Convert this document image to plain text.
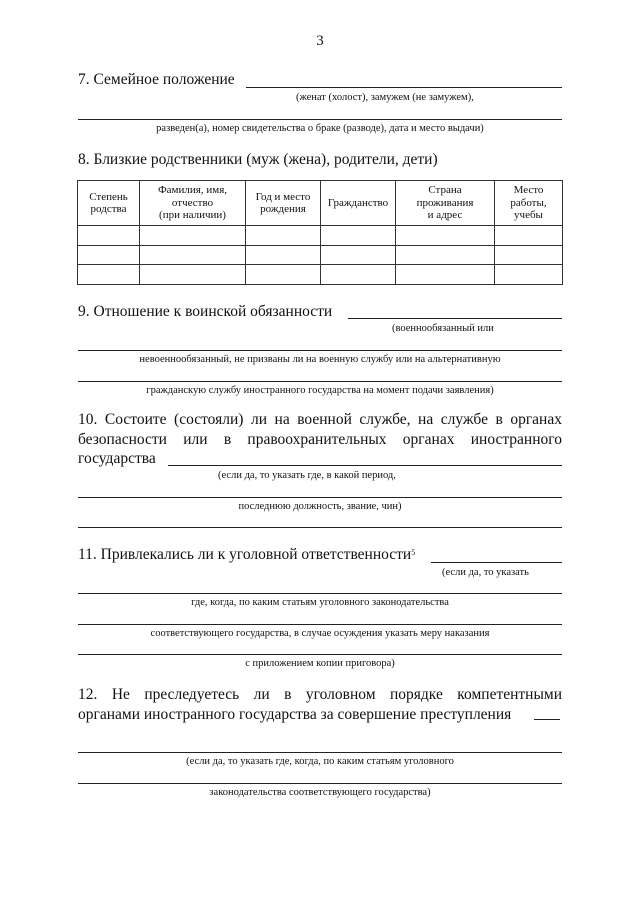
3
7. Семейное положение
(женат (холост), замужем (не замужем),
разведен(а), номер свидетельства о браке (разводе), дата и место выдачи)
8. Близкие родственники (муж (жена), родители, дети)
Степень
родства	Фамилия, имя,
отчество
(при наличии)	Год и место
рождения	Гражданство	Страна
проживания
и адрес	Место
работы,
учебы

9. Отношение к воинской обязанности
(военнообязанный или
невоеннообязанный, не призваны ли на военную службу или на альтернативную
гражданскую службу иностранного государства на момент подачи заявления)
10. Состоите (состояли) ли на военной службе, на службе в органах
безопасности или в правоохранительных органах иностранного
государства
(если да, то указать где, в какой период,
последнюю должность, звание, чин)
11. Привлекались ли к уголовной ответственности$^5$
(если да, то указать
где, когда, по каким статьям уголовного законодательства
соответствующего государства, в случае осуждения указать меру наказания
с приложением копии приговора)
12. Не преследуетесь ли в уголовном порядке компетентными
органами иностранного государства за совершение преступления
(если да, то указать где, когда, по каким статьям уголовного
законодательства соответствующего государства)
